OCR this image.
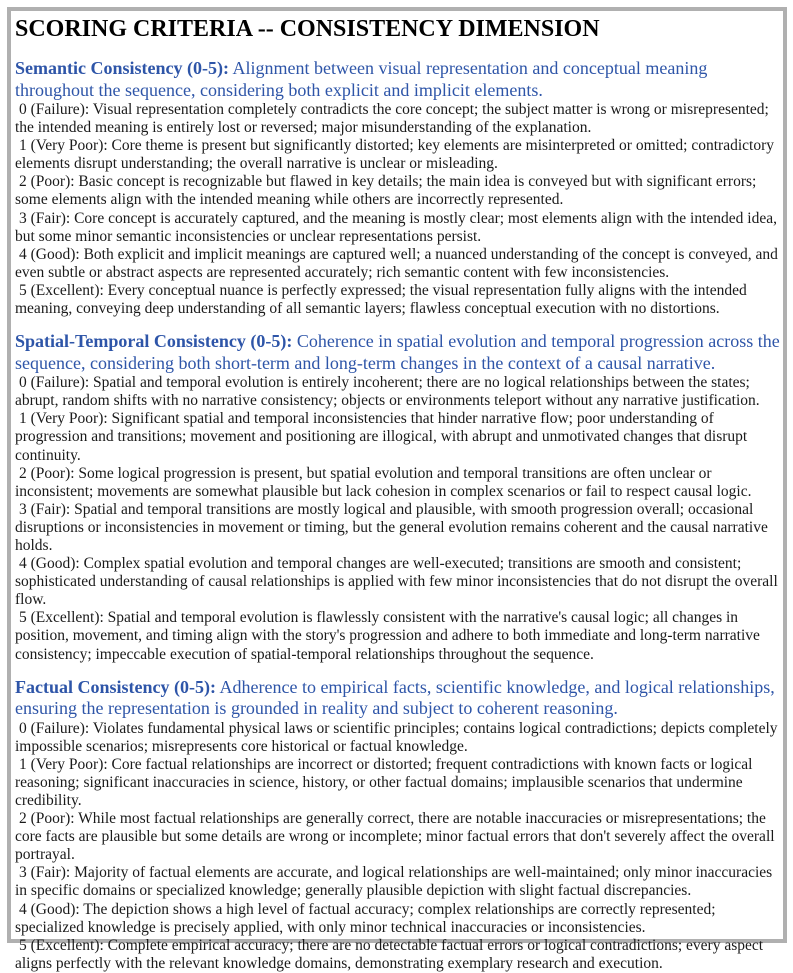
SCORING CRITERIA -- CONSISTENCY DIMENSION

Semantic Consistency (0-5): Alignment between visual representation and conceptual meaning throughout the sequence, considering both explicit and implicit elements.

0 (Failure): Visual representation completely contradicts the core concept; the subject matter is wrong or misrepresented; the intended meaning is entirely lost or reversed; major misunderstanding of the explanation.

1 (Very Poor): Core theme is present but significantly distorted; key elements are misinterpreted or omitted; contradictory elements disrupt understanding; the overall narrative is unclear or misleading.

2 (Poor): Basic concept is recognizable but flawed in key details; the main idea is conveyed but with significant errors; some elements align with the intended meaning while others are incorrectly represented.

3 (Fair): Core concept is accurately captured, and the meaning is mostly clear; most elements align with the intended idea, but some minor semantic inconsistencies or unclear representations persist.

4 (Good): Both explicit and implicit meanings are captured well; a nuanced understanding of the concept is conveyed, and even subtle or abstract aspects are represented accurately; rich semantic content with few inconsistencies.

5 (Excellent): Every conceptual nuance is perfectly expressed; the visual representation fully aligns with the intended meaning, conveying deep understanding of all semantic layers; flawless conceptual execution with no distortions.

Spatial-Temporal Consistency (0-5): Coherence in spatial evolution and temporal progression across the sequence, considering both short-term and long-term changes in the context of a causal narrative.

0 (Failure): Spatial and temporal evolution is entirely incoherent; there are no logical relationships between the states; abrupt, random shifts with no narrative consistency; objects or environments teleport without any narrative justification.

1 (Very Poor): Significant spatial and temporal inconsistencies that hinder narrative flow; poor understanding of progression and transitions; movement and positioning are illogical, with abrupt and unmotivated changes that disrupt continuity.

2 (Poor): Some logical progression is present, but spatial evolution and temporal transitions are often unclear or inconsistent; movements are somewhat plausible but lack cohesion in complex scenarios or fail to respect causal logic.

3 (Fair): Spatial and temporal transitions are mostly logical and plausible, with smooth progression overall; occasional disruptions or inconsistencies in movement or timing, but the general evolution remains coherent and the causal narrative holds.

4 (Good): Complex spatial evolution and temporal changes are well-executed; transitions are smooth and consistent; sophisticated understanding of causal relationships is applied with few minor inconsistencies that do not disrupt the overall flow.

5 (Excellent): Spatial and temporal evolution is flawlessly consistent with the narrative's causal logic; all changes in position, movement, and timing align with the story's progression and adhere to both immediate and long-term narrative consistency; impeccable execution of spatial-temporal relationships throughout the sequence.

Factual Consistency (0-5): Adherence to empirical facts, scientific knowledge, and logical relationships, ensuring the representation is grounded in reality and subject to coherent reasoning.

0 (Failure): Violates fundamental physical laws or scientific principles; contains logical contradictions; depicts completely impossible scenarios; misrepresents core historical or factual knowledge.

1 (Very Poor): Core factual relationships are incorrect or distorted; frequent contradictions with known facts or logical reasoning; significant inaccuracies in science, history, or other factual domains; implausible scenarios that undermine credibility.

2 (Poor): While most factual relationships are generally correct, there are notable inaccuracies or misrepresentations; the core facts are plausible but some details are wrong or incomplete; minor factual errors that don't severely affect the overall portrayal.

3 (Fair): Majority of factual elements are accurate, and logical relationships are well-maintained; only minor inaccuracies in specific domains or specialized knowledge; generally plausible depiction with slight factual discrepancies.

4 (Good): The depiction shows a high level of factual accuracy; complex relationships are correctly represented; specialized knowledge is precisely applied, with only minor technical inaccuracies or inconsistencies.

5 (Excellent): Complete empirical accuracy; there are no detectable factual errors or logical contradictions; every aspect aligns perfectly with the relevant knowledge domains, demonstrating exemplary research and execution.
